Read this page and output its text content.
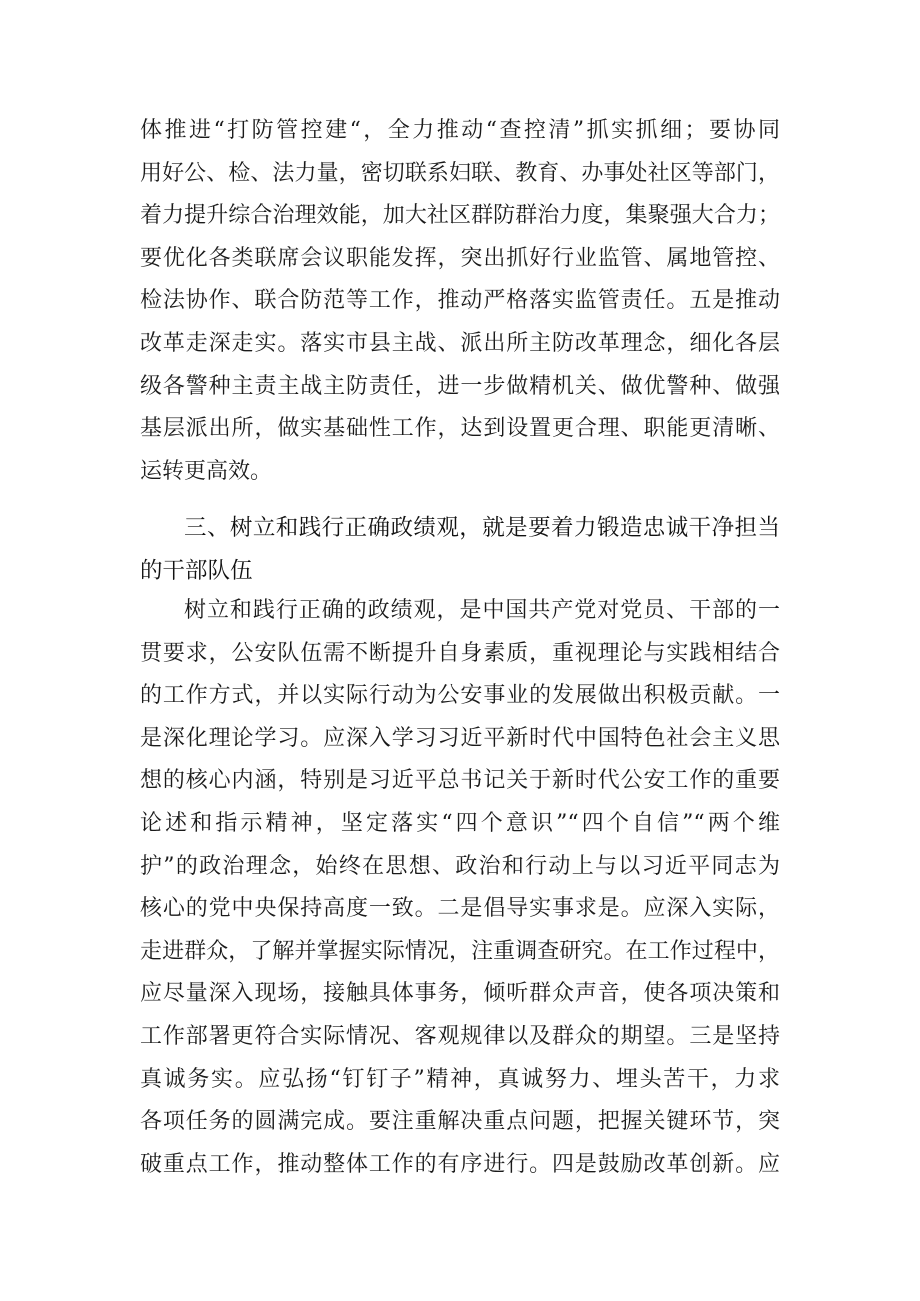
体推进“打防管控建“，全力推动“查控清”抓实抓细；要协同
用好公、检、法力量，密切联系妇联、教育、办事处社区等部门，
着力提升综合治理效能，加大社区群防群治力度，集聚强大合力；
要优化各类联席会议职能发挥，突出抓好行业监管、属地管控、
检法协作、联合防范等工作，推动严格落实监管责任。五是推动
改革走深走实。落实市县主战、派出所主防改革理念，细化各层
级各警种主责主战主防责任，进一步做精机关、做优警种、做强
基层派出所，做实基础性工作，达到设置更合理、职能更清晰、
运转更高效。
三、树立和践行正确政绩观，就是要着力锻造忠诚干净担当
的干部队伍
树立和践行正确的政绩观，是中国共产党对党员、干部的一
贯要求，公安队伍需不断提升自身素质，重视理论与实践相结合
的工作方式，并以实际行动为公安事业的发展做出积极贡献。一
是深化理论学习。应深入学习习近平新时代中国特色社会主义思
想的核心内涵，特别是习近平总书记关于新时代公安工作的重要
论述和指示精神，坚定落实“四个意识”“四个自信”“两个维
护”的政治理念，始终在思想、政治和行动上与以习近平同志为
核心的党中央保持高度一致。二是倡导实事求是。应深入实际，
走进群众，了解并掌握实际情况，注重调查研究。在工作过程中，
应尽量深入现场，接触具体事务，倾听群众声音，使各项决策和
工作部署更符合实际情况、客观规律以及群众的期望。三是坚持
真诚务实。应弘扬“钉钉子”精神，真诚努力、埋头苦干，力求
各项任务的圆满完成。要注重解决重点问题，把握关键环节，突
破重点工作，推动整体工作的有序进行。四是鼓励改革创新。应
